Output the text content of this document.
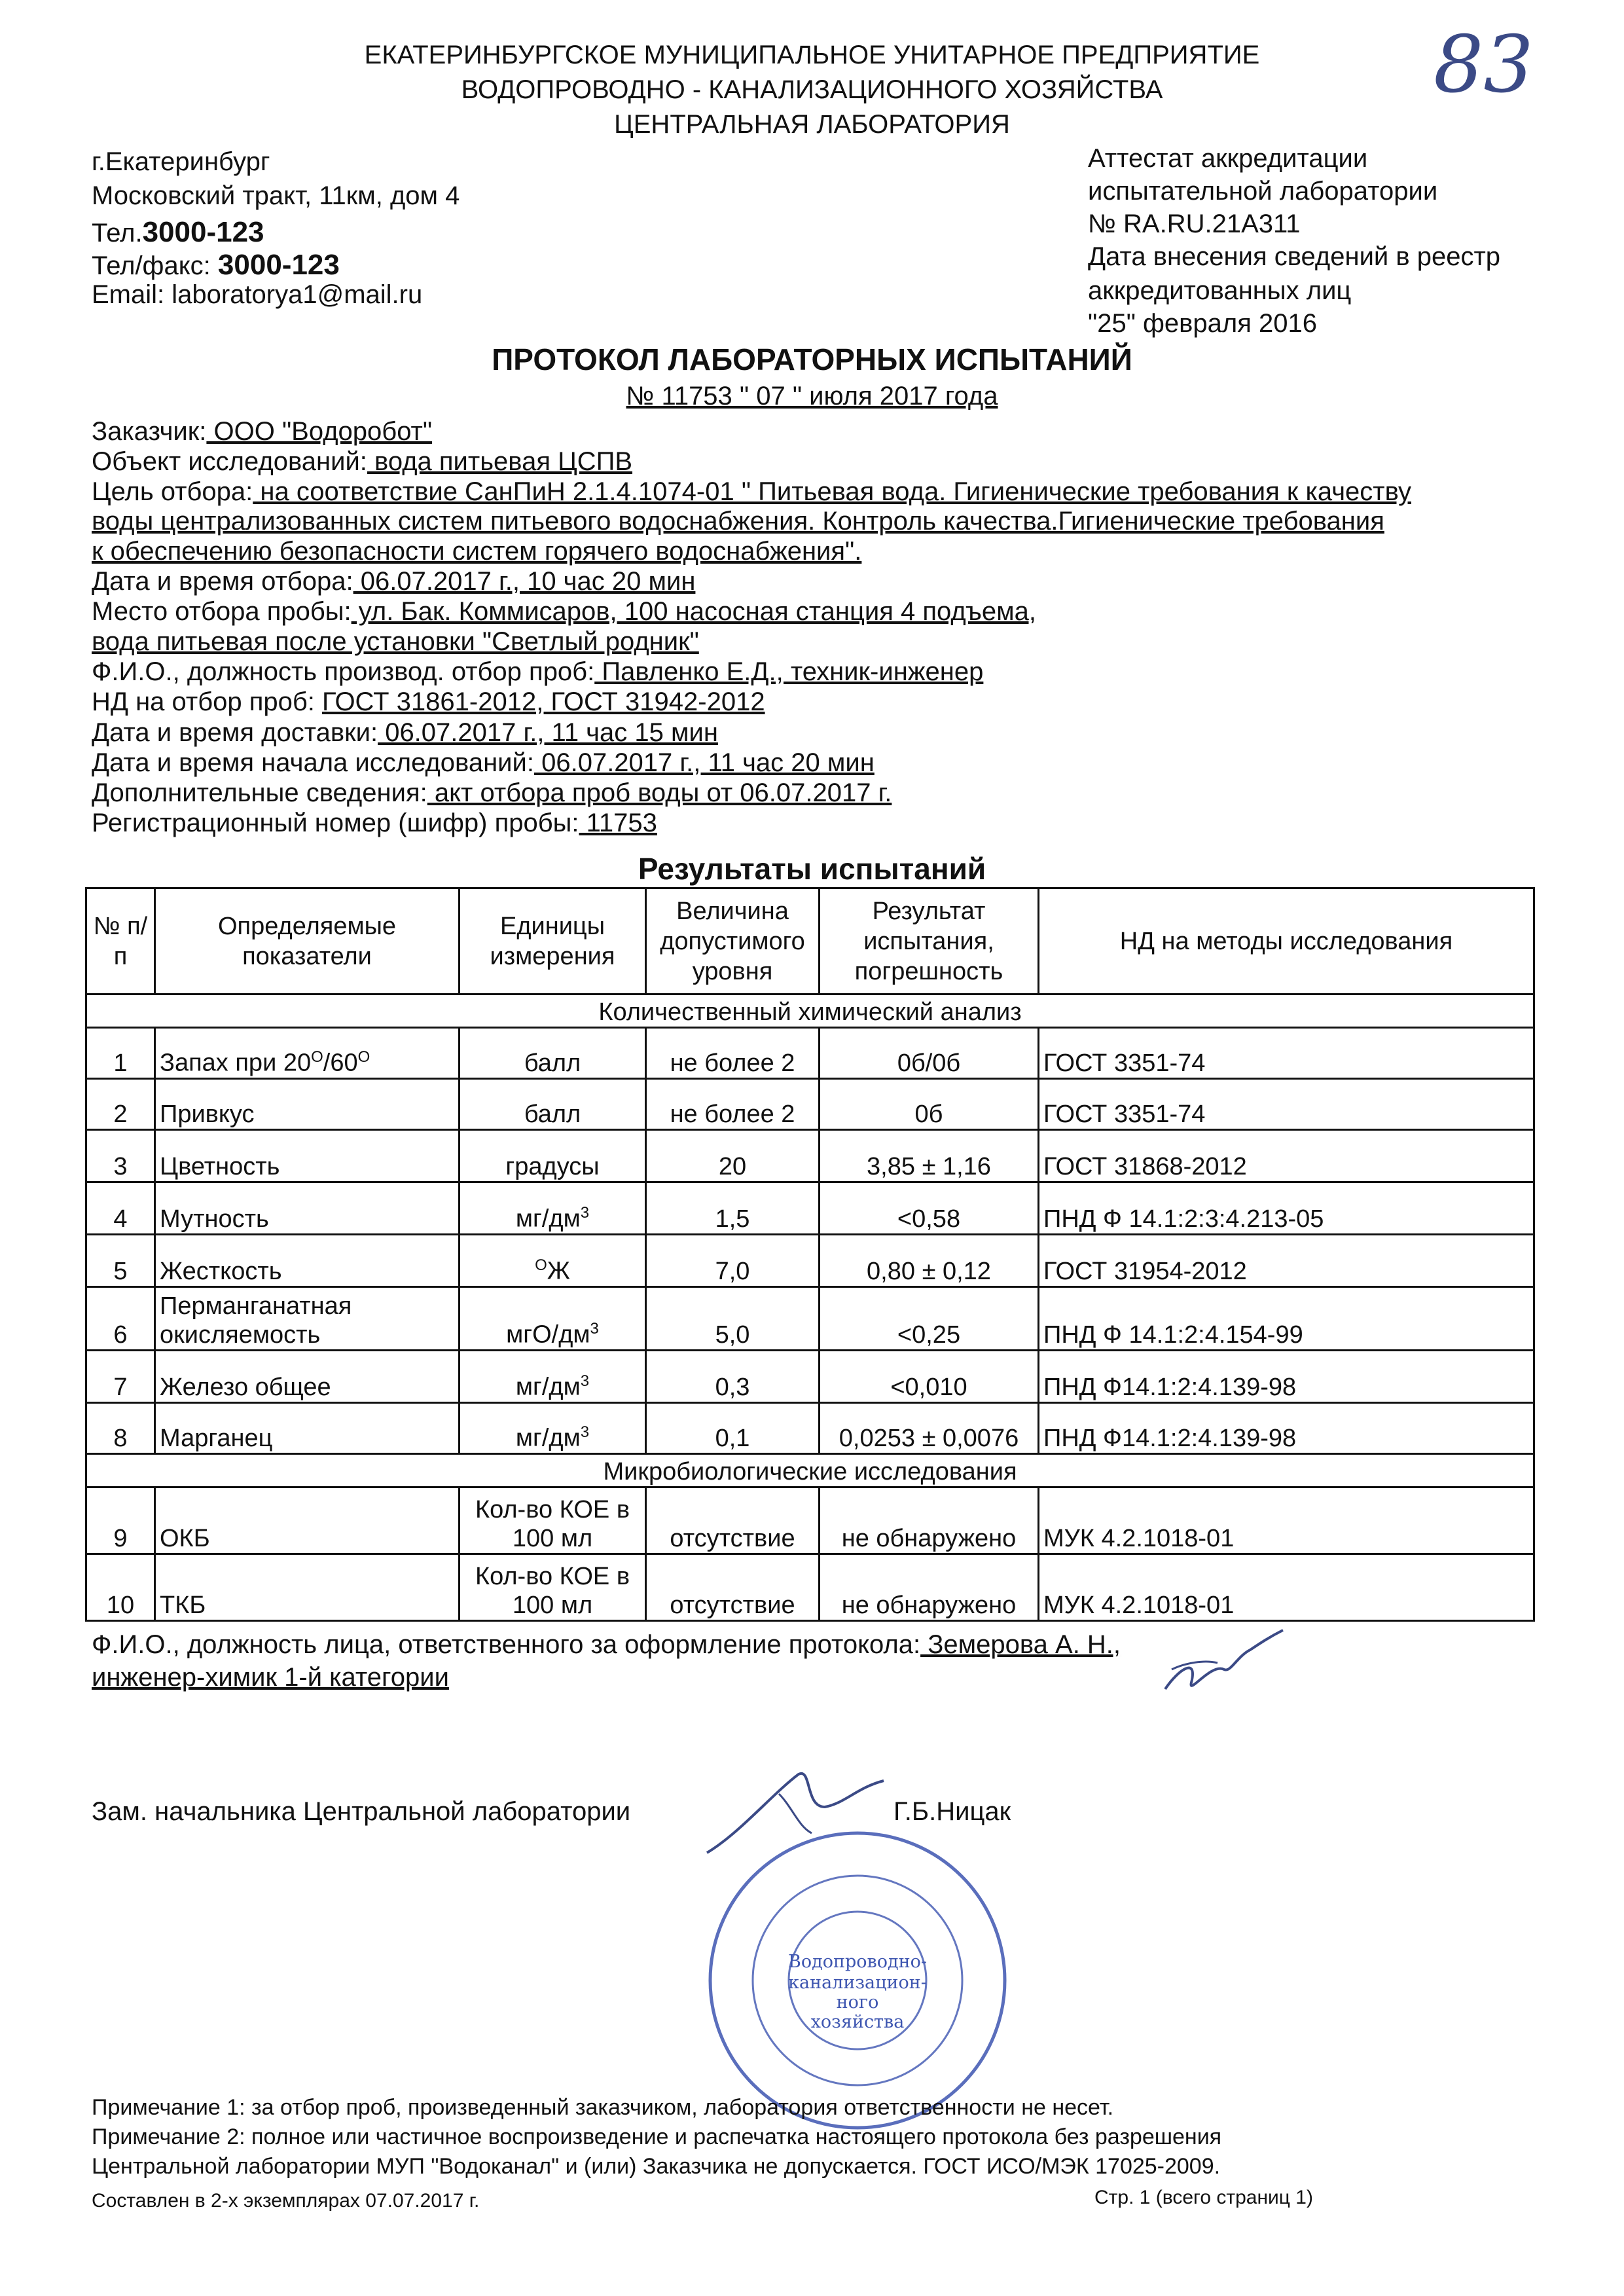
ЕКАТЕРИНБУРГСКОЕ МУНИЦИПАЛЬНОЕ УНИТАРНОЕ ПРЕДПРИЯТИЕ
ВОДОПРОВОДНО - КАНАЛИЗАЦИОННОГО ХОЗЯЙСТВА
ЦЕНТРАЛЬНАЯ ЛАБОРАТОРИЯ
83
г.Екатеринбург
Московский тракт, 11км, дом 4
Тел.3000-123
Тел/факс: 3000-123
Email: laboratorya1@mail.ru
Аттестат аккредитации
испытательной лаборатории
№ RA.RU.21A311
Дата внесения сведений в реестр
аккредитованных лиц
"25" февраля 2016
ПРОТОКОЛ ЛАБОРАТОРНЫХ ИСПЫТАНИЙ
№ 11753 " 07 " июля 2017 года
Заказчик: ООО "Водоробот"
Объект исследований: вода питьевая ЦСПВ
Цель отбора: на соответствие СанПиН 2.1.4.1074-01 " Питьевая вода. Гигиенические требования к качеству
воды централизованных систем питьевого водоснабжения. Контроль качества.Гигиенические требования
к обеспечению безопасности систем горячего водоснабжения".
Дата и время отбора: 06.07.2017 г., 10 час 20 мин
Место отбора пробы: ул. Бак. Коммисаров, 100 насосная станция 4 подъема,
вода питьевая после установки "Светлый родник"
Ф.И.О., должность производ. отбор проб: Павленко Е.Д., техник-инженер
НД на отбор проб: ГОСТ 31861-2012, ГОСТ 31942-2012
Дата и время доставки: 06.07.2017 г., 11 час 15 мин
Дата и время начала исследований: 06.07.2017 г., 11 час 20 мин
Дополнительные сведения: акт отбора проб воды от 06.07.2017 г.
Регистрационный номер (шифр) пробы: 11753
Результаты испытаний
№ п/п	Определяемые показатели	Единицы измерения	Величина допустимого уровня	Результат испытания, погрешность	НД на методы исследования
Количественный химический анализ					
1	Запах при $20^О/60^О$	балл	не более 2	0б/0б	ГОСТ 3351-74
2	Привкус	балл	не более 2	0б	ГОСТ 3351-74
3	Цветность	градусы	20	3,85 ± 1,16	ГОСТ 31868-2012
4	Мутность	$мг/дм^3$	1,5	<0,58	ПНД Ф 14.1:2:3:4.213-05
5	Жесткость	$^О$Ж	7,0	0,80 ± 0,12	ГОСТ 31954-2012
6	Перманганатная окисляемость	мгО/$дм^3$	5,0	<0,25	ПНД Ф 14.1:2:4.154-99
7	Железо общее	$мг/дм^3$	0,3	<0,010	ПНД Ф14.1:2:4.139-98
8	Марганец	$мг/дм^3$	0,1	0,0253 ± 0,0076	ПНД Ф14.1:2:4.139-98
Микробиологические исследования					
9	ОКБ	Кол-во КОЕ в 100 мл	отсутствие	не обнаружено	МУК 4.2.1018-01
10	ТКБ	Кол-во КОЕ в 100 мл	отсутствие	не обнаружено	МУК 4.2.1018-01
Ф.И.О., должность лица, ответственного за оформление протокола: Земерова А. Н.,
инженер-химик 1-й категории
Зам. начальника Центральной лаборатории	Г.Б.Ницак
Водопроводно-
канализацион-
ного
хозяйства
Примечание 1: за отбор проб, произведенный заказчиком, лаборатория ответственности не несет.
Примечание 2: полное или частичное воспроизведение и распечатка настоящего протокола без разрешения
Центральной лаборатории МУП "Водоканал" и (или) Заказчика не допускается. ГОСТ ИСО/МЭК 17025-2009.
Составлен в 2-х экземплярах 07.07.2017 г.	Стр. 1 (всего страниц 1)
